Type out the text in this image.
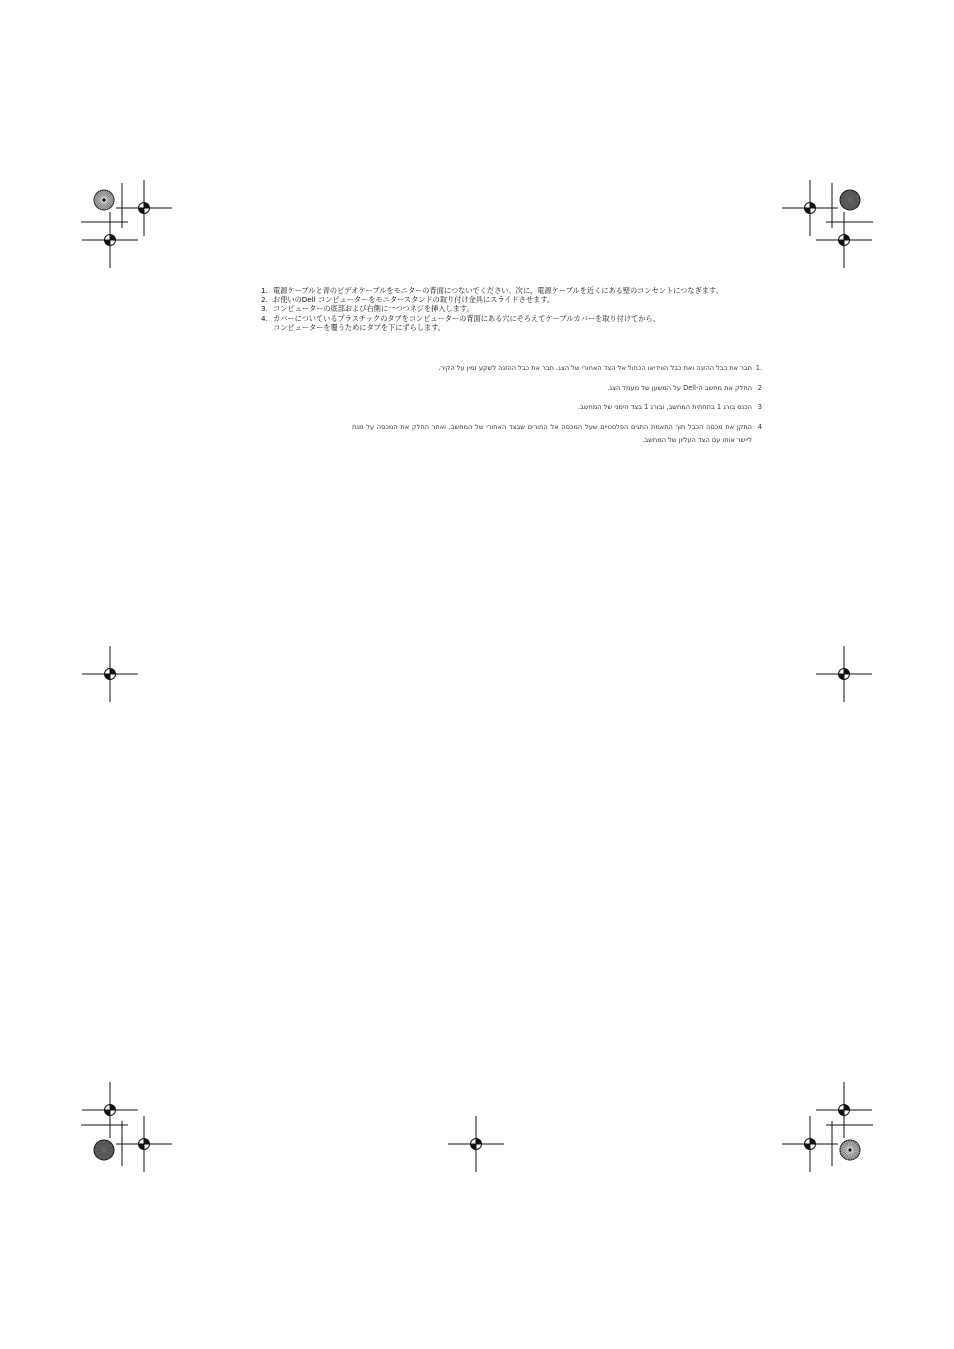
1. 電源ケーブルと青のビデオケーブルをモニターの背面につないでください。次に、電源ケーブルを近くにある壁のコンセントにつなぎます。
2. お使いのDell コンピューターをモニタースタンドの取り付け金具にスライドさせます。
3. コンピューターの底部および右側に一つつネジを挿入します。
4. カバーについているプラスチックのタブをコンピューターの背面にある穴にそろえてケーブルカバーを取り付けてから、
コンピューターを覆うためにタブを下にずらします。
1.
חבר את כבל ההזנה ואת כבל הווידיאו הכחול אל הצד האחורי של הצג. חבר את כבל ההזנה לשקע זמין על הקיר.
2
החלק את מחשב ה-Dell על המשען של מעמד הצג.
3
הכנס בורג 1 בתחתית המחשב, ובורג 1 בצד הימני של המחשב.
4
התקן את מכסה הכבל תוך התאמת התגים הפלסטיים שעל המכסה אל החורים שבצד האחורי של המחשב, ואחר החלק את המכסה על מנת ליישר אותו עם הצד העליון של המחשב.
